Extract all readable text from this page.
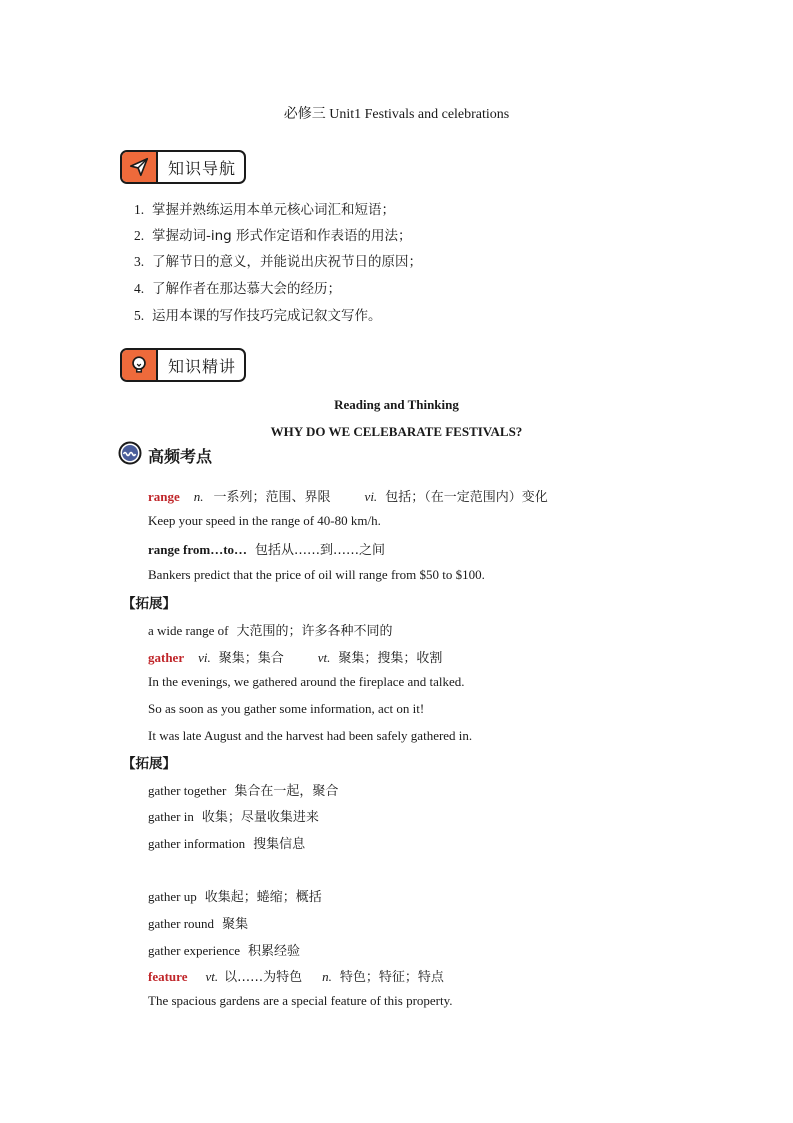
必修三 Unit1 Festivals and celebrations
知识导航
1. 掌握并熟练运用本单元核心词汇和短语；
2. 掌握动词-ing 形式作定语和作表语的用法；
3. 了解节日的意义，并能说出庆祝节日的原因；
4. 了解作者在那达慕大会的经历；
5. 运用本课的写作技巧完成记叙文写作。
知识精讲
Reading and Thinking
WHY DO WE CELEBARATE FESTIVALS?
高频考点
range n. 一系列；范围、界限	vi. 包括；（在一定范围内）变化
Keep your speed in the range of 40-80 km/h.
range from…to… 包括从……到……之间
Bankers predict that the price of oil will range from $50 to $100.
【拓展】
a wide range of 大范围的；许多各种不同的
gather vi. 聚集；集合	vt. 聚集；搜集；收割
In the evenings, we gathered around the fireplace and talked.
So as soon as you gather some information, act on it!
It was late August and the harvest had been safely gathered in.
【拓展】
gather together 集合在一起，聚合
gather in 收集；尽量收集进来
gather information 搜集信息
gather up 收集起；蜷缩；概括
gather round 聚集
gather experience 积累经验
feature vt. 以……为特色 n. 特色；特征；特点
The spacious gardens are a special feature of this property.
